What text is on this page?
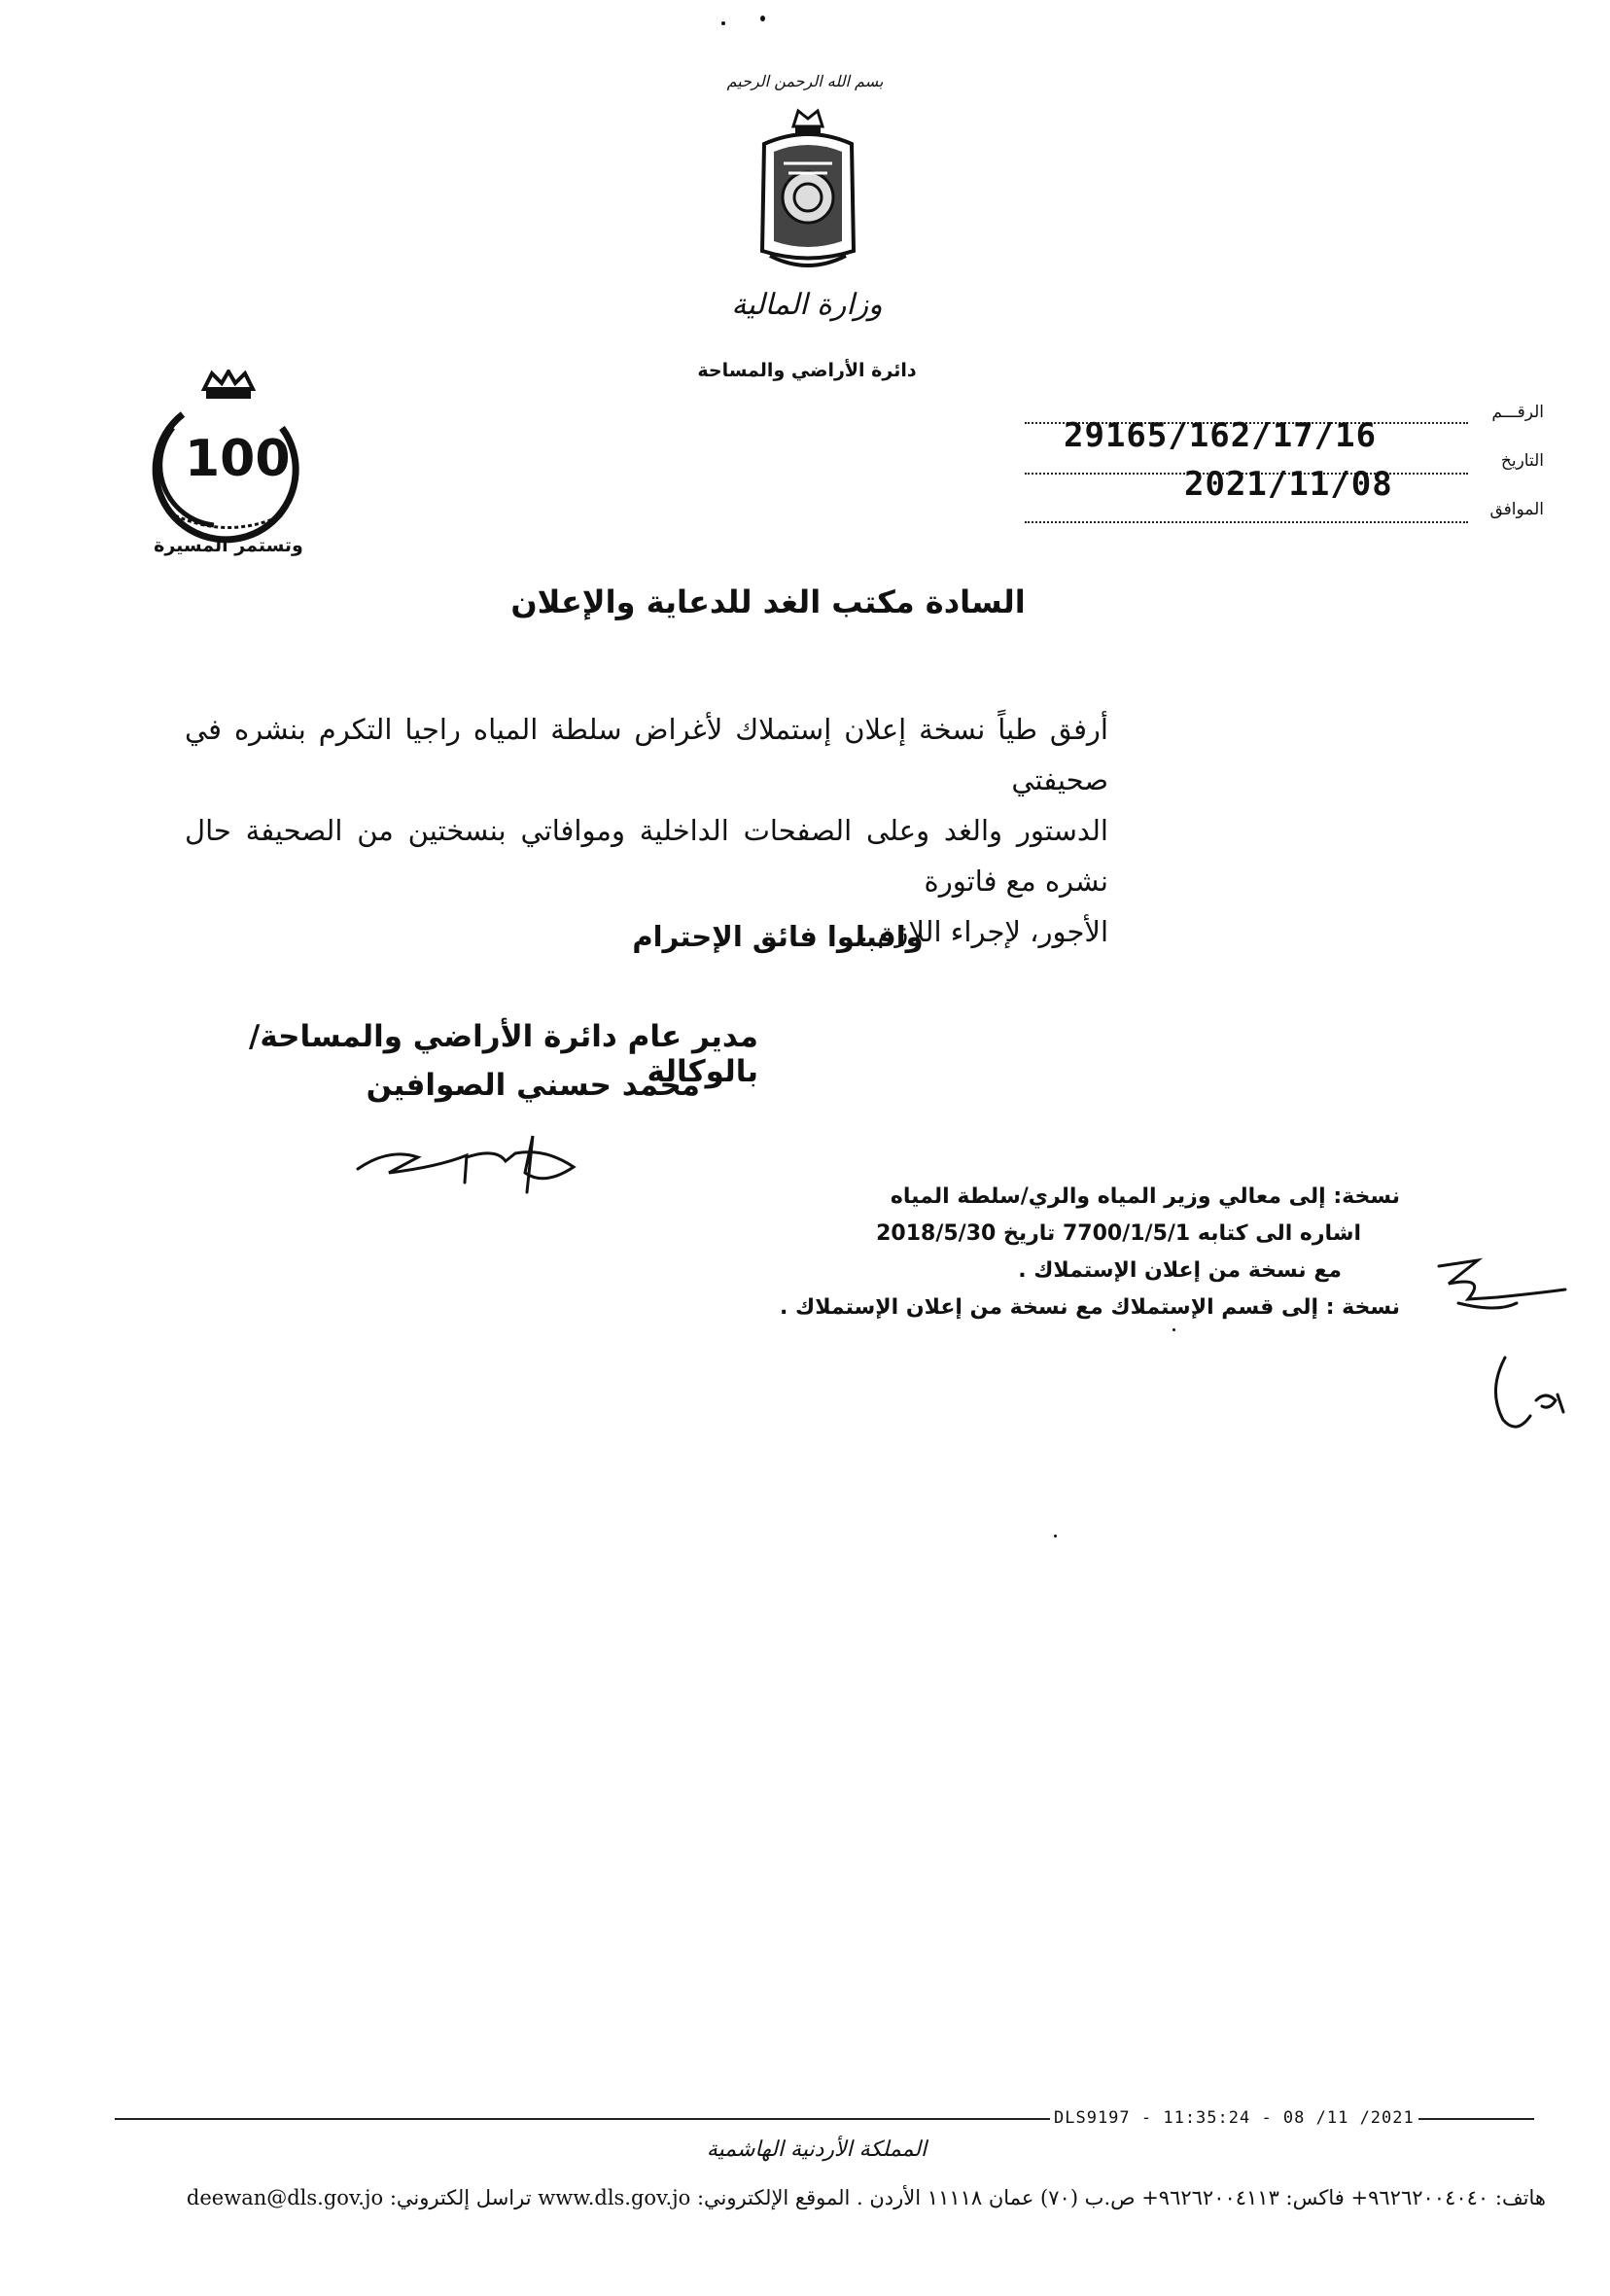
بسم الله الرحمن الرحيم
وزارة المالية
دائرة الأراضي والمساحة
100
وتستمر المسيرة
الرقـــم
29165/162/17/16
التاريخ
2021/11/08
الموافق
السادة مكتب الغد للدعاية والإعلان
أرفق طياً نسخة إعلان إستملاك لأغراض سلطة المياه راجيا التكرم بنشره في صحيفتي
الدستور والغد وعلى الصفحات الداخلية وموافاتي بنسختين من الصحيفة حال نشره مع فاتورة
الأجور، لإجراء اللازم .
واقبلوا فائق الإحترام
مدير عام دائرة الأراضي والمساحة/بالوكالة
محمد حسني الصوافين
نسخة: إلى معالي وزير المياه والري/سلطة المياه
اشاره الى كتابه 7700/1/5/1 تاريخ 2018/5/30
مع نسخة من إعلان الإستملاك .
نسخة : إلى قسم الإستملاك مع نسخة من إعلان الإستملاك .
DLS9197 - 11:35:24 - 08 /11 /2021
المملكة الأردنية الهاشمية
هاتف: ٩٦٢٦٢٠٠٤٠٤٠+ فاكس: ٩٦٢٦٢٠٠٤١١٣+ ص.ب (٧٠) عمان ١١١١٨ الأردن . الموقع الإلكتروني: www.dls.gov.jo تراسل إلكتروني: deewan@dls.gov.jo
